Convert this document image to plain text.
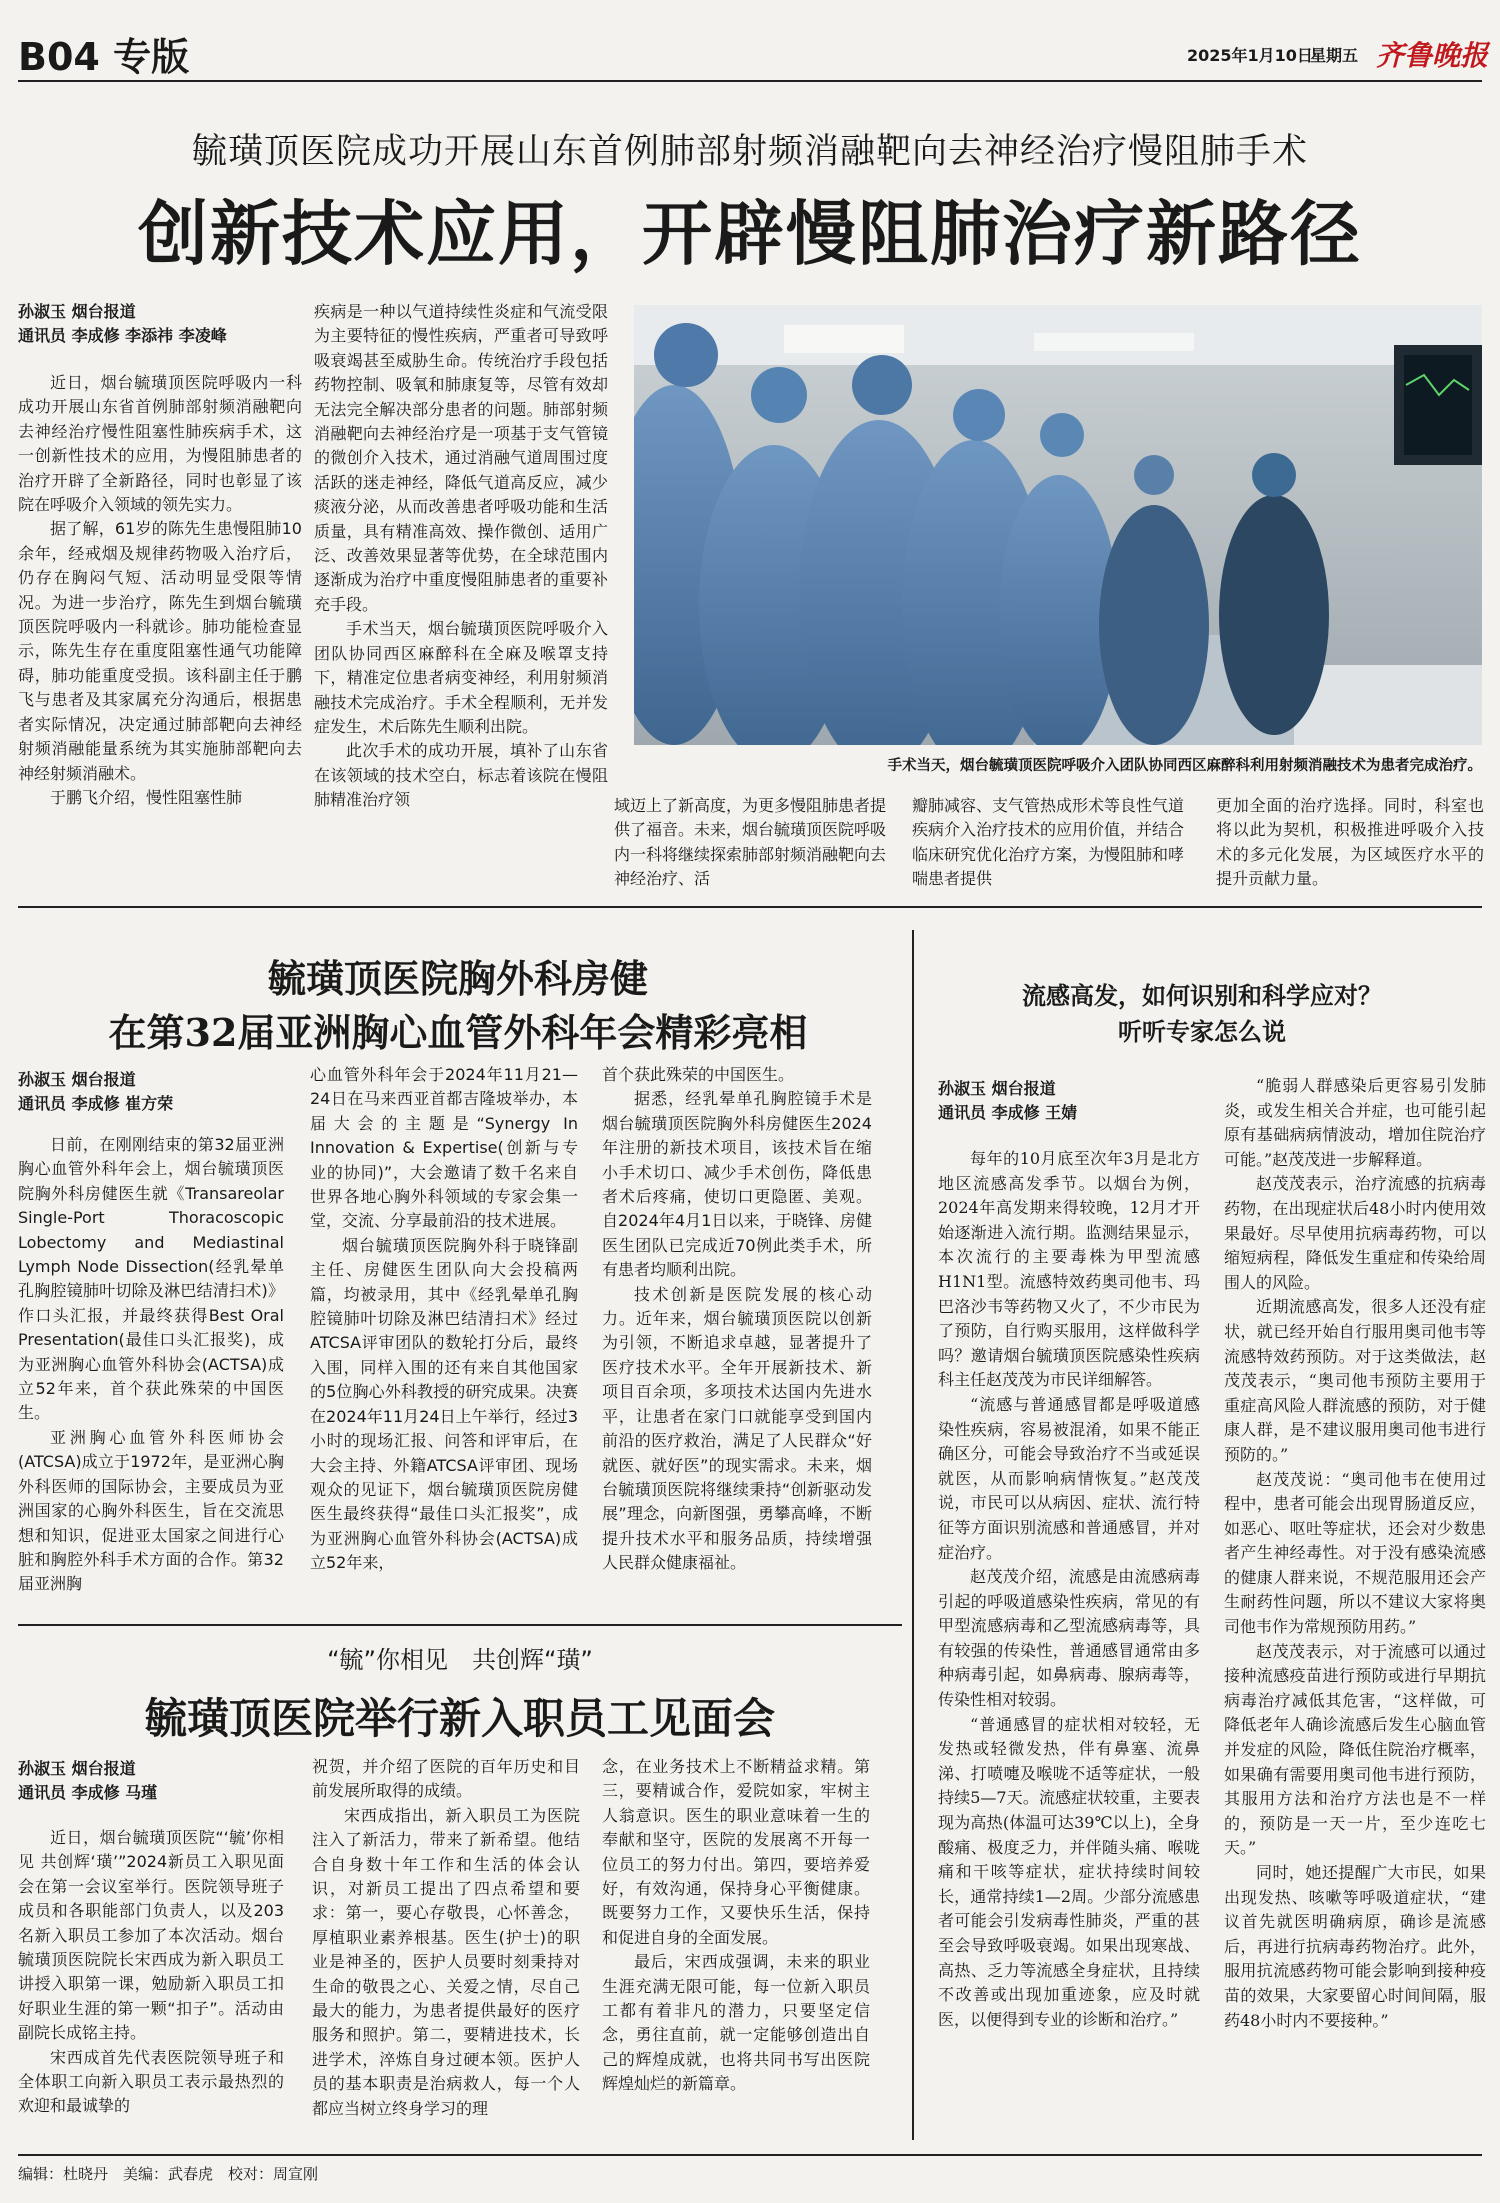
B04 专版	2025年1月10日
星期五 齐鲁晚报
毓璜顶医院成功开展山东首例肺部射频消融靶向去神经治疗慢阻肺手术
创新技术应用，开辟慢阻肺治疗新路径
孙淑玉 烟台报道
通讯员 李成修 李添祎 李凌峰

近日，烟台毓璜顶医院呼吸内一科成功开展山东省首例肺部射频消融靶向去神经治疗慢性阻塞性肺疾病手术，这一创新性技术的应用，为慢阻肺患者的治疗开辟了全新路径，同时也彰显了该院在呼吸介入领域的领先实力。

据了解，61岁的陈先生患慢阻肺10余年，经戒烟及规律药物吸入治疗后，仍存在胸闷气短、活动明显受限等情况。为进一步治疗，陈先生到烟台毓璜顶医院呼吸内一科就诊。肺功能检查显示，陈先生存在重度阻塞性通气功能障碍，肺功能重度受损。该科副主任于鹏飞与患者及其家属充分沟通后，根据患者实际情况，决定通过肺部靶向去神经射频消融能量系统为其实施肺部靶向去神经射频消融术。

于鹏飞介绍，慢性阻塞性肺

疾病是一种以气道持续性炎症和气流受限为主要特征的慢性疾病，严重者可导致呼吸衰竭甚至威胁生命。传统治疗手段包括药物控制、吸氧和肺康复等，尽管有效却无法完全解决部分患者的问题。肺部射频消融靶向去神经治疗是一项基于支气管镜的微创介入技术，通过消融气道周围过度活跃的迷走神经，降低气道高反应，减少痰液分泌，从而改善患者呼吸功能和生活质量，具有精准高效、操作微创、适用广泛、改善效果显著等优势，在全球范围内逐渐成为治疗中重度慢阻肺患者的重要补充手段。

手术当天，烟台毓璜顶医院呼吸介入团队协同西区麻醉科在全麻及喉罩支持下，精准定位患者病变神经，利用射频消融技术完成治疗。手术全程顺利，无并发症发生，术后陈先生顺利出院。

此次手术的成功开展，填补了山东省在该领域的技术空白，标志着该院在慢阻肺精准治疗领

手术当天，烟台毓璜顶医院呼吸介入团队协同西区麻醉科利用射频消融技术为患者完成治疗。

域迈上了新高度，为更多慢阻肺患者提供了福音。未来，烟台毓璜顶医院呼吸内一科将继续探索肺部射频消融靶向去神经治疗、活

瓣肺减容、支气管热成形术等良性气道疾病介入治疗技术的应用价值，并结合临床研究优化治疗方案，为慢阻肺和哮喘患者提供

更加全面的治疗选择。同时，科室也将以此为契机，积极推进呼吸介入技术的多元化发展，为区域医疗水平的提升贡献力量。

毓璜顶医院胸外科房健
在第32届亚洲胸心血管外科年会精彩亮相
孙淑玉 烟台报道
通讯员 李成修 崔方荣

日前，在刚刚结束的第32届亚洲胸心血管外科年会上，烟台毓璜顶医院胸外科房健医生就《Transareolar Single-Port Thoracoscopic Lobectomy and Mediastinal Lymph Node Dissection(经乳晕单孔胸腔镜肺叶切除及淋巴结清扫术)》作口头汇报，并最终获得Best Oral Presentation(最佳口头汇报奖)，成为亚洲胸心血管外科协会(ACTSA)成立52年来，首个获此殊荣的中国医生。

亚洲胸心血管外科医师协会(ATCSA)成立于1972年，是亚洲心胸外科医师的国际协会，主要成员为亚洲国家的心胸外科医生，旨在交流思想和知识，促进亚太国家之间进行心脏和胸腔外科手术方面的合作。第32届亚洲胸

心血管外科年会于2024年11月21—24日在马来西亚首都吉隆坡举办，本届大会的主题是“Synergy In Innovation & Expertise(创新与专业的协同)”，大会邀请了数千名来自世界各地心胸外科领域的专家会集一堂，交流、分享最前沿的技术进展。

烟台毓璜顶医院胸外科于晓锋副主任、房健医生团队向大会投稿两篇，均被录用，其中《经乳晕单孔胸腔镜肺叶切除及淋巴结清扫术》经过ATCSA评审团队的数轮打分后，最终入围，同样入围的还有来自其他国家的5位胸心外科教授的研究成果。决赛在2024年11月24日上午举行，经过3小时的现场汇报、问答和评审后，在大会主持、外籍ATCSA评审团、现场观众的见证下，烟台毓璜顶医院房健医生最终获得“最佳口头汇报奖”，成为亚洲胸心血管外科协会(ACTSA)成立52年来，

首个获此殊荣的中国医生。

据悉，经乳晕单孔胸腔镜手术是烟台毓璜顶医院胸外科房健医生2024年注册的新技术项目，该技术旨在缩小手术切口、减少手术创伤，降低患者术后疼痛，使切口更隐匿、美观。自2024年4月1日以来，于晓锋、房健医生团队已完成近70例此类手术，所有患者均顺利出院。

技术创新是医院发展的核心动力。近年来，烟台毓璜顶医院以创新为引领，不断追求卓越，显著提升了医疗技术水平。全年开展新技术、新项目百余项，多项技术达国内先进水平，让患者在家门口就能享受到国内前沿的医疗救治，满足了人民群众“好就医、就好医”的现实需求。未来，烟台毓璜顶医院将继续秉持“创新驱动发展”理念，向新图强，勇攀高峰，不断提升技术水平和服务品质，持续增强人民群众健康福祉。

流感高发，如何识别和科学应对？
听听专家怎么说
孙淑玉 烟台报道
通讯员 李成修 王婧

每年的10月底至次年3月是北方地区流感高发季节。以烟台为例，2024年高发期来得较晚，12月才开始逐渐进入流行期。监测结果显示，本次流行的主要毒株为甲型流感H1N1型。流感特效药奥司他韦、玛巴洛沙韦等药物又火了，不少市民为了预防，自行购买服用，这样做科学吗？邀请烟台毓璜顶医院感染性疾病科主任赵茂茂为市民详细解答。

“流感与普通感冒都是呼吸道感染性疾病，容易被混淆，如果不能正确区分，可能会导致治疗不当或延误就医，从而影响病情恢复。”赵茂茂说，市民可以从病因、症状、流行特征等方面识别流感和普通感冒，并对症治疗。

赵茂茂介绍，流感是由流感病毒引起的呼吸道感染性疾病，常见的有甲型流感病毒和乙型流感病毒等，具有较强的传染性，普通感冒通常由多种病毒引起，如鼻病毒、腺病毒等，传染性相对较弱。

“普通感冒的症状相对较轻，无发热或轻微发热，伴有鼻塞、流鼻涕、打喷嚏及喉咙不适等症状，一般持续5—7天。流感症状较重，主要表现为高热(体温可达39℃以上)，全身酸痛、极度乏力，并伴随头痛、喉咙痛和干咳等症状，症状持续时间较长，通常持续1—2周。少部分流感患者可能会引发病毒性肺炎，严重的甚至会导致呼吸衰竭。如果出现寒战、高热、乏力等流感全身症状，且持续不改善或出现加重迹象，应及时就医，以便得到专业的诊断和治疗。”

“脆弱人群感染后更容易引发肺炎，或发生相关合并症，也可能引起原有基础病病情波动，增加住院治疗可能。”赵茂茂进一步解释道。

赵茂茂表示，治疗流感的抗病毒药物，在出现症状后48小时内使用效果最好。尽早使用抗病毒药物，可以缩短病程，降低发生重症和传染给周围人的风险。

近期流感高发，很多人还没有症状，就已经开始自行服用奥司他韦等流感特效药预防。对于这类做法，赵茂茂表示，“奥司他韦预防主要用于重症高风险人群流感的预防，对于健康人群，是不建议服用奥司他韦进行预防的。”

赵茂茂说：“奥司他韦在使用过程中，患者可能会出现胃肠道反应，如恶心、呕吐等症状，还会对少数患者产生神经毒性。对于没有感染流感的健康人群来说，不规范服用还会产生耐药性问题，所以不建议大家将奥司他韦作为常规预防用药。”

赵茂茂表示，对于流感可以通过接种流感疫苗进行预防或进行早期抗病毒治疗减低其危害，“这样做，可降低老年人确诊流感后发生心脑血管并发症的风险，降低住院治疗概率，如果确有需要用奥司他韦进行预防，其服用方法和治疗方法也是不一样的，预防是一天一片，至少连吃七天。”

同时，她还提醒广大市民，如果出现发热、咳嗽等呼吸道症状，“建议首先就医明确病原，确诊是流感后，再进行抗病毒药物治疗。此外，服用抗流感药物可能会影响到接种疫苗的效果，大家要留心时间间隔，服药48小时内不要接种。”

“毓”你相见　共创辉“璜”
毓璜顶医院举行新入职员工见面会
孙淑玉 烟台报道
通讯员 李成修 马瑾

近日，烟台毓璜顶医院“‘毓’你相见 共创辉‘璜’”2024新员工入职见面会在第一会议室举行。医院领导班子成员和各职能部门负责人，以及203名新入职员工参加了本次活动。烟台毓璜顶医院院长宋西成为新入职员工讲授入职第一课，勉励新入职员工扣好职业生涯的第一颗“扣子”。活动由副院长成铭主持。

宋西成首先代表医院领导班子和全体职工向新入职员工表示最热烈的欢迎和最诚挚的

祝贺，并介绍了医院的百年历史和目前发展所取得的成绩。

宋西成指出，新入职员工为医院注入了新活力，带来了新希望。他结合自身数十年工作和生活的体会认识，对新员工提出了四点希望和要求：第一，要心存敬畏，心怀善念，厚植职业素养根基。医生(护士)的职业是神圣的，医护人员要时刻秉持对生命的敬畏之心、关爱之情，尽自己最大的能力，为患者提供最好的医疗服务和照护。第二，要精进技术，长进学术，淬炼自身过硬本领。医护人员的基本职责是治病救人，每一个人都应当树立终身学习的理

念，在业务技术上不断精益求精。第三，要精诚合作，爱院如家，牢树主人翁意识。医生的职业意味着一生的奉献和坚守，医院的发展离不开每一位员工的努力付出。第四，要培养爱好，有效沟通，保持身心平衡健康。既要努力工作，又要快乐生活，保持和促进自身的全面发展。

最后，宋西成强调，未来的职业生涯充满无限可能，每一位新入职员工都有着非凡的潜力，只要坚定信念，勇往直前，就一定能够创造出自己的辉煌成就，也将共同书写出医院辉煌灿烂的新篇章。

编辑：杜晓丹　美编：武春虎　校对：周宣刚
